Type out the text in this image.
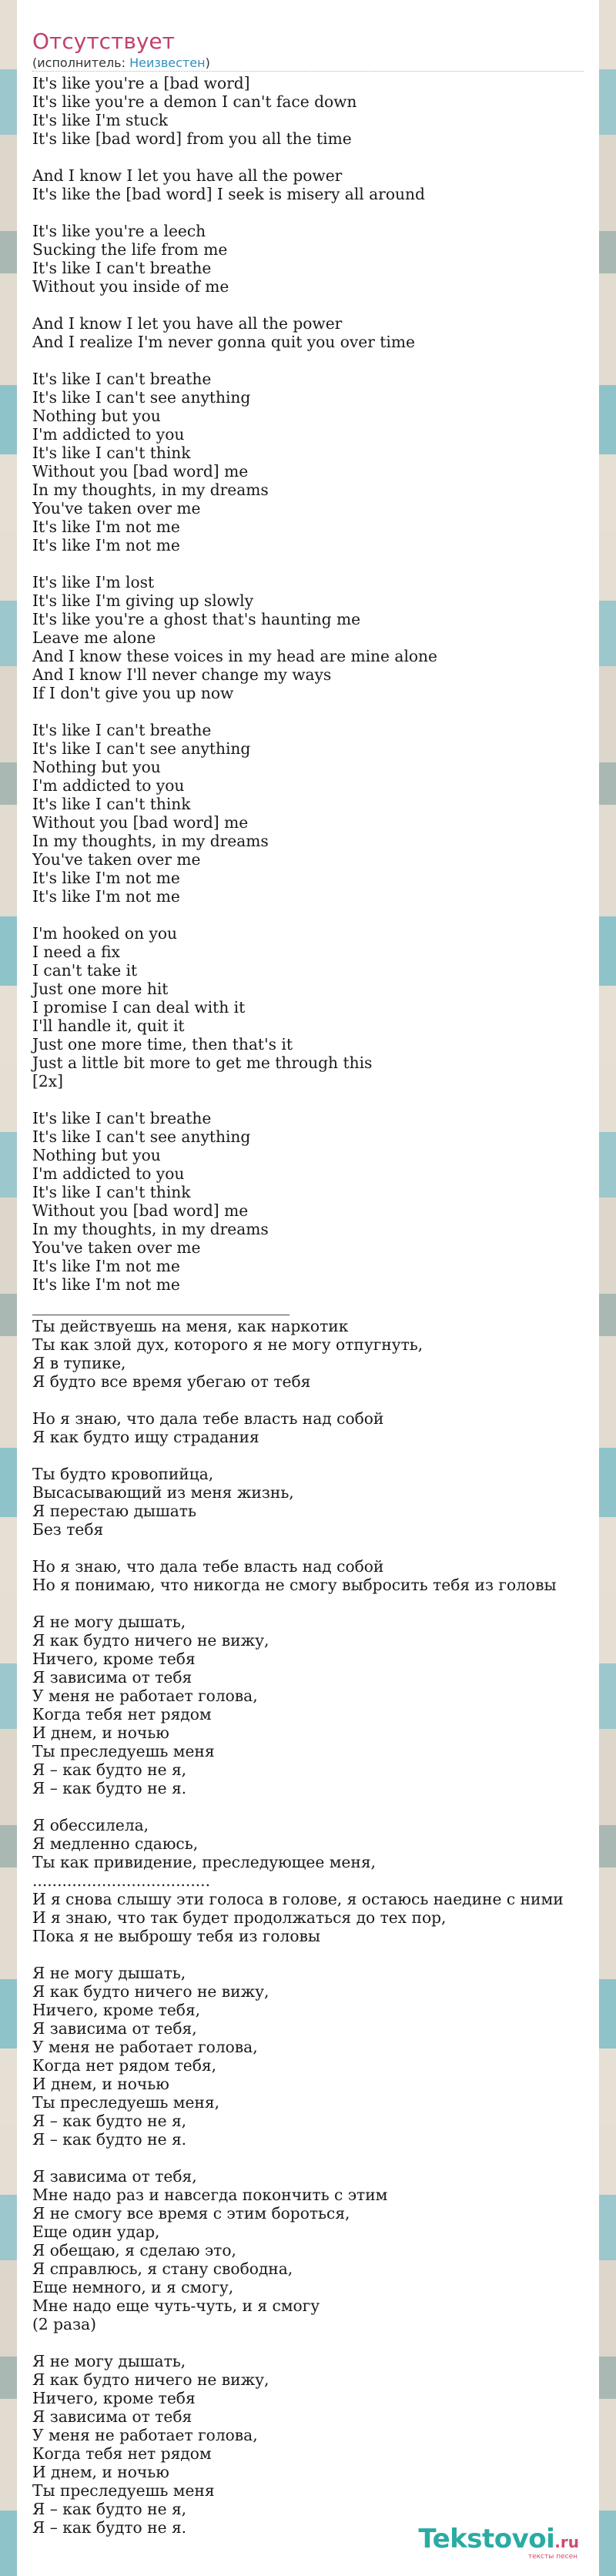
Отсутствует
(исполнитель: Неизвестен)
It's like you're a [bad word]
It's like you're a demon I can't face down
It's like I'm stuck
It's like [bad word] from you all the time
And I know I let you have all the power
It's like the [bad word] I seek is misery all around
It's like you're a leech
Sucking the life from me
It's like I can't breathe
Without you inside of me
And I know I let you have all the power
And I realize I'm never gonna quit you over time
It's like I can't breathe
It's like I can't see anything
Nothing but you
I'm addicted to you
It's like I can't think
Without you [bad word] me
In my thoughts, in my dreams
You've taken over me
It's like I'm not me
It's like I'm not me
It's like I'm lost
It's like I'm giving up slowly
It's like you're a ghost that's haunting me
Leave me alone
And I know these voices in my head are mine alone
And I know I'll never change my ways
If I don't give you up now
It's like I can't breathe
It's like I can't see anything
Nothing but you
I'm addicted to you
It's like I can't think
Without you [bad word] me
In my thoughts, in my dreams
You've taken over me
It's like I'm not me
It's like I'm not me
I'm hooked on you
I need a fix
I can't take it
Just one more hit
I promise I can deal with it
I'll handle it, quit it
Just one more time, then that's it
Just a little bit more to get me through this
[2x]
It's like I can't breathe
It's like I can't see anything
Nothing but you
I'm addicted to you
It's like I can't think
Without you [bad word] me
In my thoughts, in my dreams
You've taken over me
It's like I'm not me
It's like I'm not me
Ты действуешь на меня, как наркотик
Ты как злой дух, которого я не могу отпугнуть,
Я в тупике,
Я будто все время убегаю от тебя
Но я знаю, что дала тебе власть над собой
Я как будто ищу страдания
Ты будто кровопийца,
Высасывающий из меня жизнь,
Я перестаю дышать
Без тебя
Но я знаю, что дала тебе власть над собой
Но я понимаю, что никогда не смогу выбросить тебя из головы
Я не могу дышать,
Я как будто ничего не вижу,
Ничего, кроме тебя
Я зависима от тебя
У меня не работает голова,
Когда тебя нет рядом
И днем, и ночью
Ты преследуешь меня
Я – как будто не я,
Я – как будто не я.
Я обессилела,
Я медленно сдаюсь,
Ты как привидение, преследующее меня,
....................................
И я снова слышу эти голоса в голове, я остаюсь наедине с ними
И я знаю, что так будет продолжаться до тех пор,
Пока я не выброшу тебя из головы
Я не могу дышать,
Я как будто ничего не вижу,
Ничего, кроме тебя,
Я зависима от тебя,
У меня не работает голова,
Когда нет рядом тебя,
И днем, и ночью
Ты преследуешь меня,
Я – как будто не я,
Я – как будто не я.
Я зависима от тебя,
Мне надо раз и навсегда покончить с этим
Я не смогу все время с этим бороться,
Еще один удар,
Я обещаю, я сделаю это,
Я справлюсь, я стану свободна,
Еще немного, и я смогу,
Мне надо еще чуть-чуть, и я смогу
(2 раза)
Я не могу дышать,
Я как будто ничего не вижу,
Ничего, кроме тебя
Я зависима от тебя
У меня не работает голова,
Когда тебя нет рядом
И днем, и ночью
Ты преследуешь меня
Я – как будто не я,
Я – как будто не я.	Tekstovoi.ru
тексты песен
